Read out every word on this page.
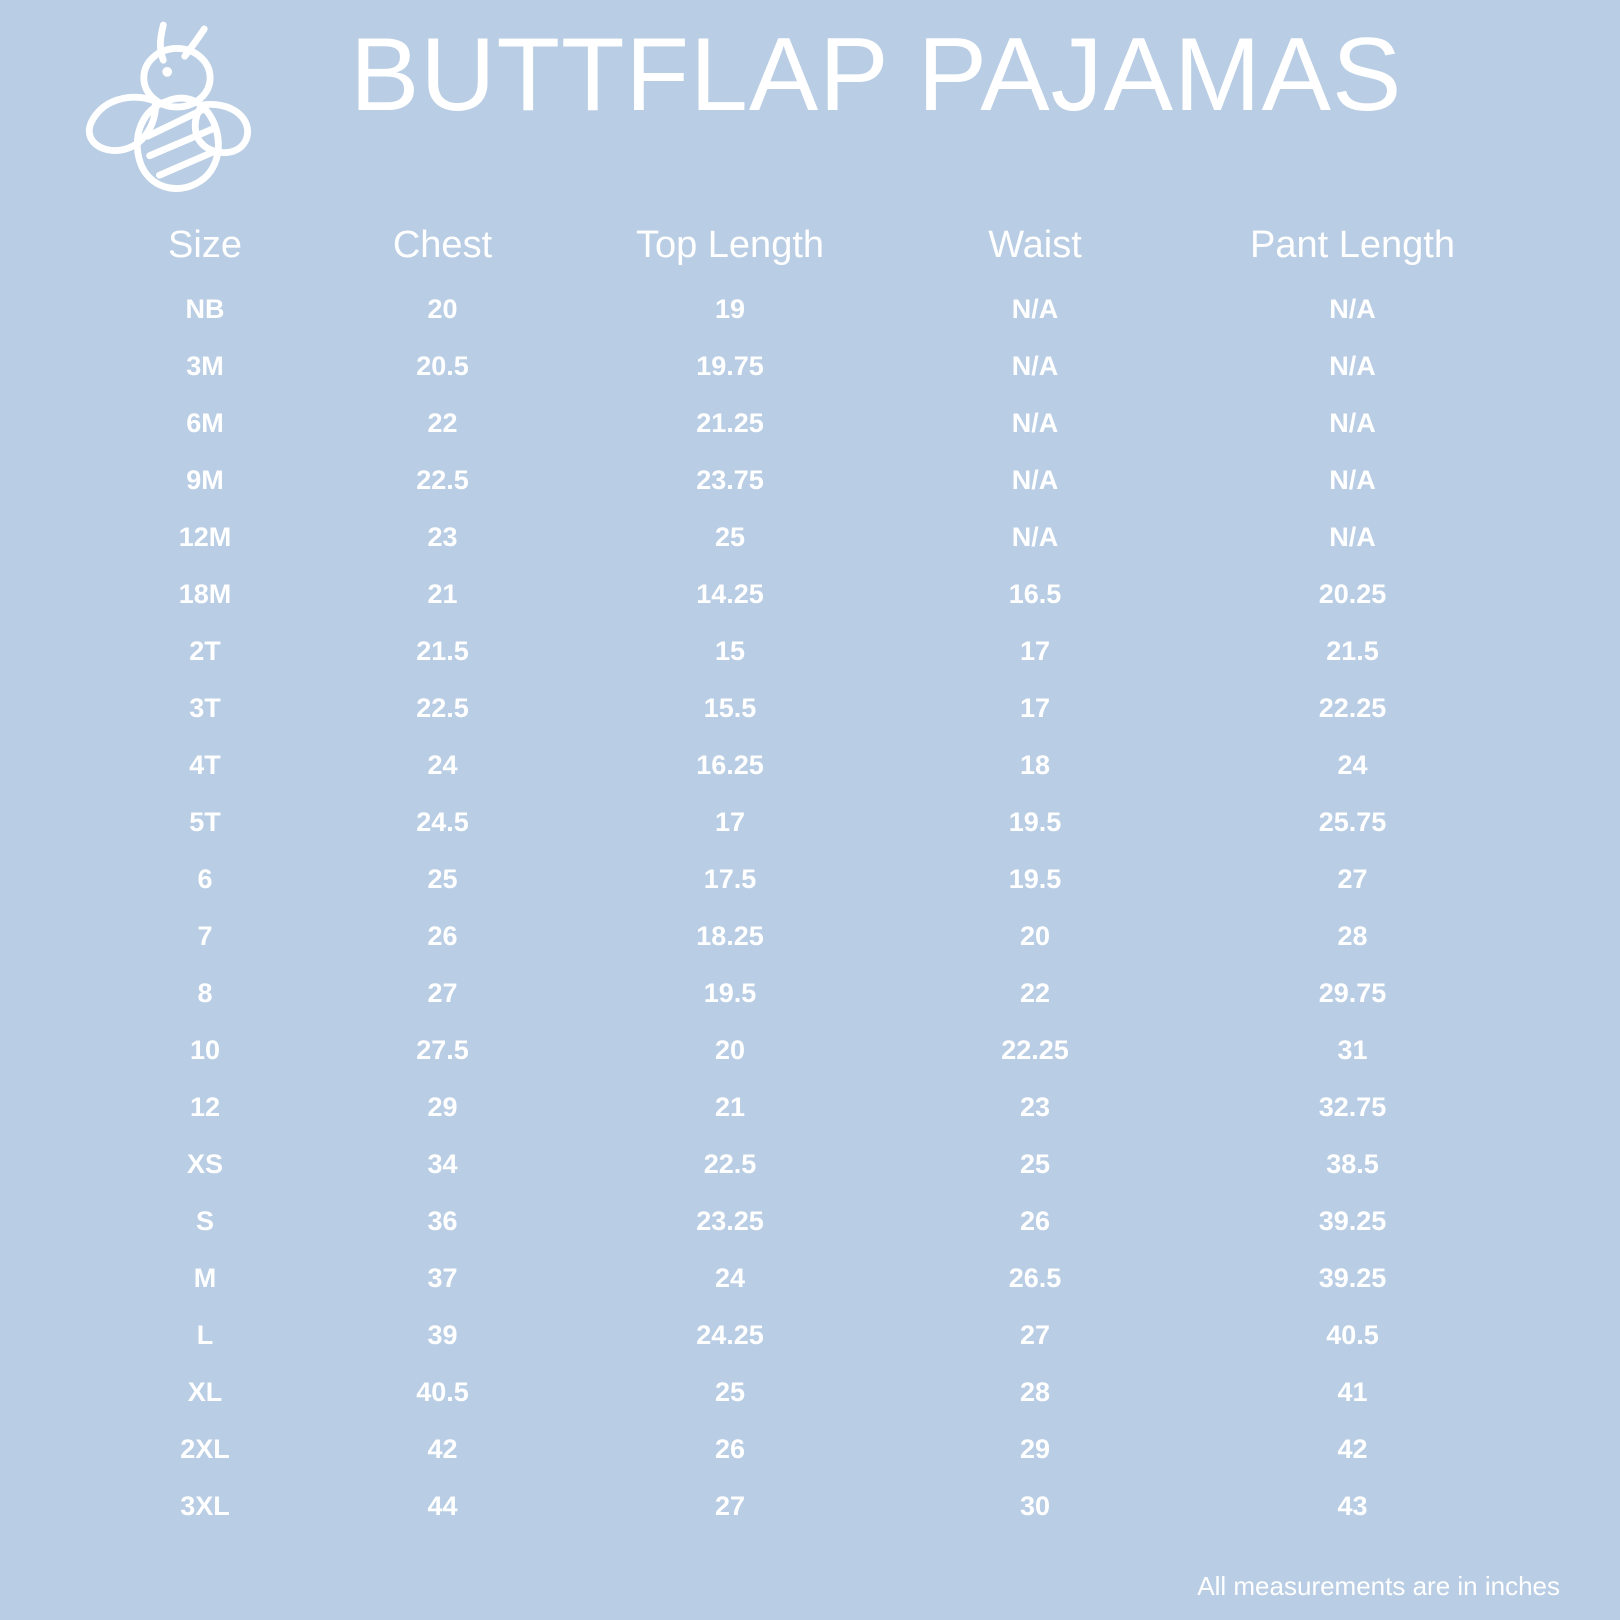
BUTTFLAP PAJAMAS
Size	Chest	Top Length	Waist	Pant Length
NB	20	19	N/A	N/A
3M	20.5	19.75	N/A	N/A
6M	22	21.25	N/A	N/A
9M	22.5	23.75	N/A	N/A
12M	23	25	N/A	N/A
18M	21	14.25	16.5	20.25
2T	21.5	15	17	21.5
3T	22.5	15.5	17	22.25
4T	24	16.25	18	24
5T	24.5	17	19.5	25.75
6	25	17.5	19.5	27
7	26	18.25	20	28
8	27	19.5	22	29.75
10	27.5	20	22.25	31
12	29	21	23	32.75
XS	34	22.5	25	38.5
S	36	23.25	26	39.25
M	37	24	26.5	39.25
L	39	24.25	27	40.5
XL	40.5	25	28	41
2XL	42	26	29	42
3XL	44	27	30	43
All measurements are in inches
